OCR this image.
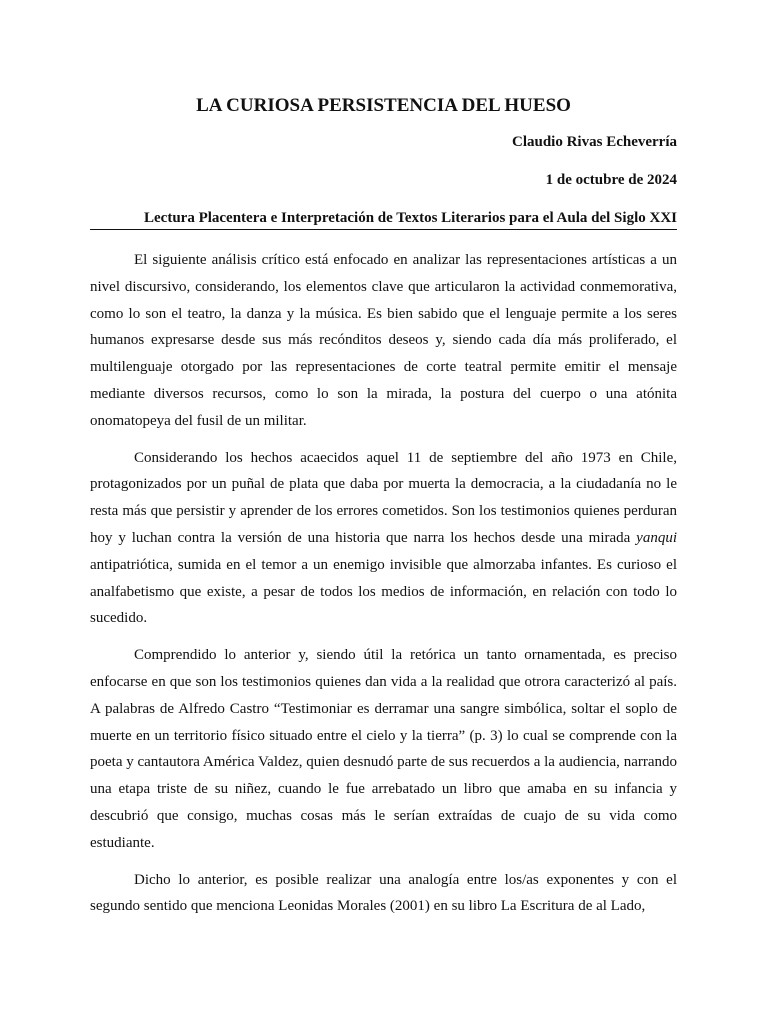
LA CURIOSA PERSISTENCIA DEL HUESO

Claudio Rivas Echeverría

1 de octubre de 2024

Lectura Placentera e Interpretación de Textos Literarios para el Aula del Siglo XXI

El siguiente análisis crítico está enfocado en analizar las representaciones artísticas a un nivel discursivo, considerando, los elementos clave que articularon la actividad conmemorativa, como lo son el teatro, la danza y la música. Es bien sabido que el lenguaje permite a los seres humanos expresarse desde sus más recónditos deseos y, siendo cada día más proliferado, el multilenguaje otorgado por las representaciones de corte teatral permite emitir el mensaje mediante diversos recursos, como lo son la mirada, la postura del cuerpo o una atónita onomatopeya del fusil de un militar.

Considerando los hechos acaecidos aquel 11 de septiembre del año 1973 en Chile, protagonizados por un puñal de plata que daba por muerta la democracia, a la ciudadanía no le resta más que persistir y aprender de los errores cometidos. Son los testimonios quienes perduran hoy y luchan contra la versión de una historia que narra los hechos desde una mirada yanqui antipatriótica, sumida en el temor a un enemigo invisible que almorzaba infantes. Es curioso el analfabetismo que existe, a pesar de todos los medios de información, en relación con todo lo sucedido.

Comprendido lo anterior y, siendo útil la retórica un tanto ornamentada, es preciso enfocarse en que son los testimonios quienes dan vida a la realidad que otrora caracterizó al país. A palabras de Alfredo Castro “Testimoniar es derramar una sangre simbólica, soltar el soplo de muerte en un territorio físico situado entre el cielo y la tierra” (p. 3) lo cual se comprende con la poeta y cantautora América Valdez, quien desnudó parte de sus recuerdos a la audiencia, narrando una etapa triste de su niñez, cuando le fue arrebatado un libro que amaba en su infancia y descubrió que consigo, muchas cosas más le serían extraídas de cuajo de su vida como estudiante.

Dicho lo anterior, es posible realizar una analogía entre los/as exponentes y con el segundo sentido que menciona Leonidas Morales (2001) en su libro La Escritura de al Lado,
